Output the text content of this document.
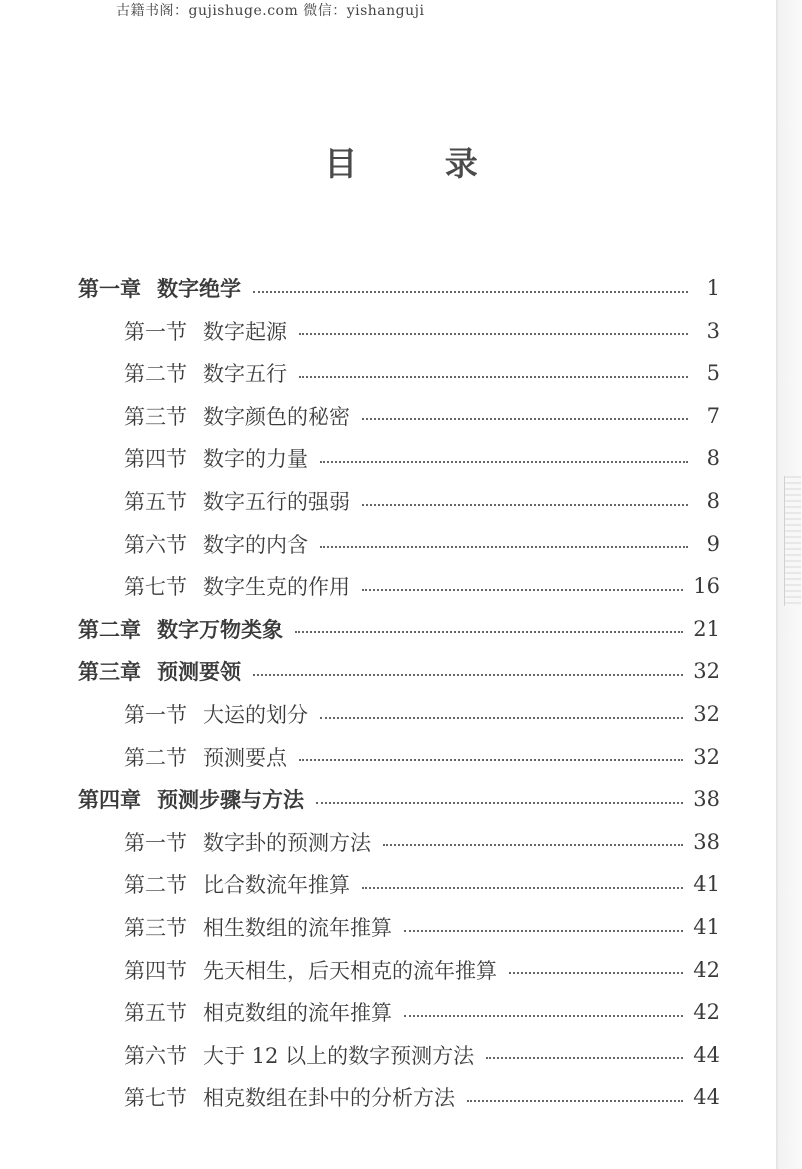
古籍书阁：gujishuge.com 微信：yishanguji
目 录
第一章 数字绝学	1
第一节 数字起源	3
第二节 数字五行	5
第三节 数字颜色的秘密	7
第四节 数字的力量	8
第五节 数字五行的强弱	8
第六节 数字的内含	9
第七节 数字生克的作用	16
第二章 数字万物类象	21
第三章 预测要领	32
第一节 大运的划分	32
第二节 预测要点	32
第四章 预测步骤与方法	38
第一节 数字卦的预测方法	38
第二节 比合数流年推算	41
第三节 相生数组的流年推算	41
第四节 先天相生，后天相克的流年推算	42
第五节 相克数组的流年推算	42
第六节 大于 12 以上的数字预测方法	44
第七节 相克数组在卦中的分析方法	44
